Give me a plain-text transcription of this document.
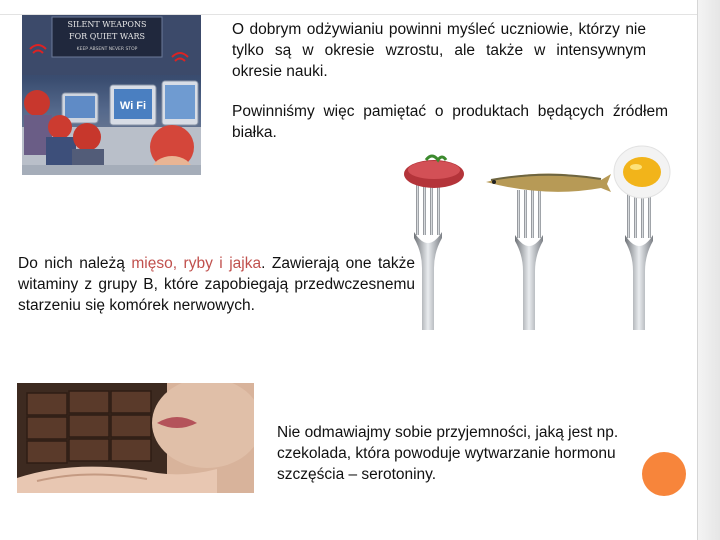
SILENT WEAPONS
FOR QUIET WARS
KEEP ABSENT NEVER STOP
Wi Fi

O dobrym odżywianiu powinni myśleć uczniowie, którzy nie tylko są w okresie wzrostu, ale także w intensywnym okresie nauki.

Powinniśmy więc pamiętać o produktach będących źródłem białka.

Do nich należą mięso, ryby i jajka. Zawierają one także witaminy z grupy B, które zapobiegają przedwczesnemu starzeniu się komórek nerwowych.

Nie odmawiajmy sobie przyjemności, jaką jest np. czekolada, która powoduje wytwarzanie hormonu szczęścia – serotoniny.
